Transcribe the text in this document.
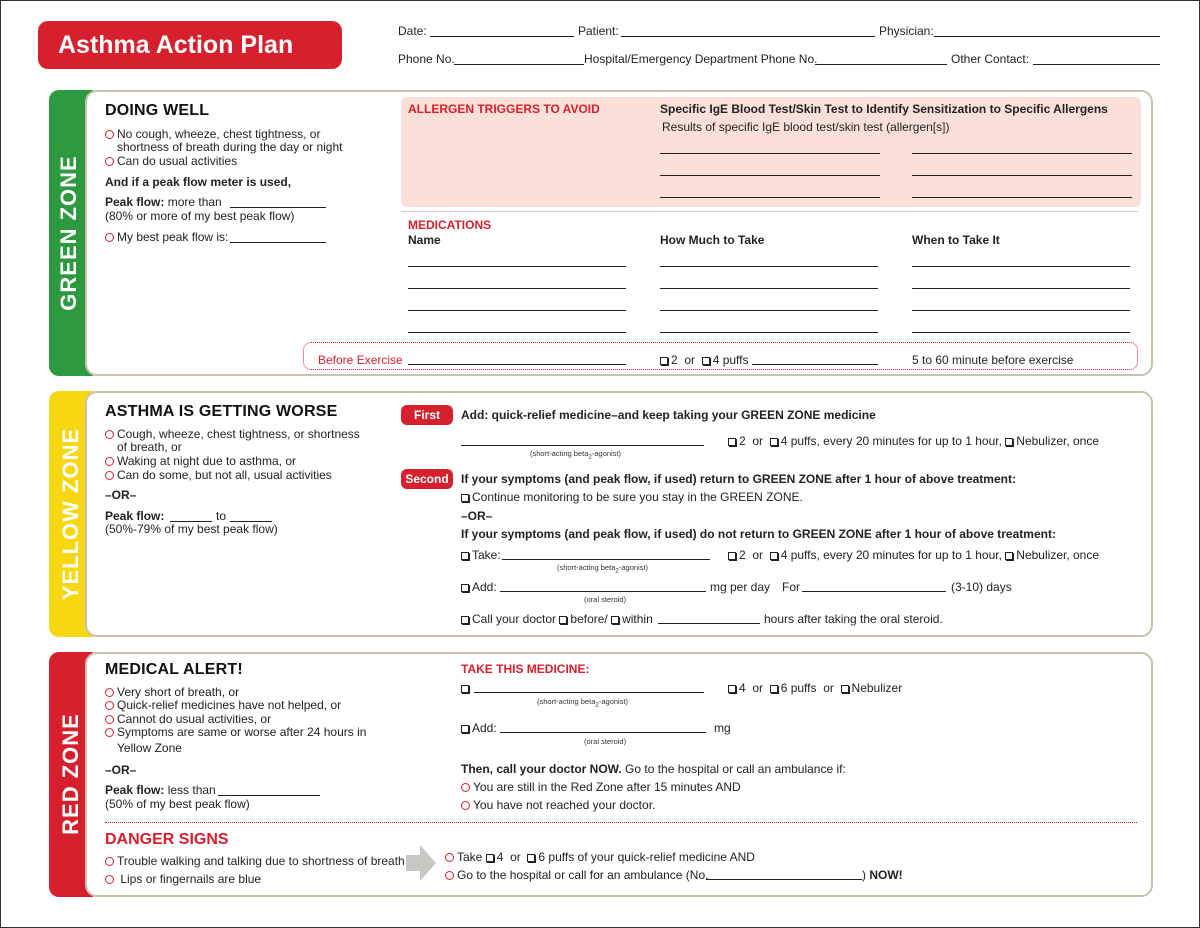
Asthma Action Plan	Date:	Patient:	Physician:
Phone No.	Hospital/Emergency Department Phone No.	Other Contact:
GREEN ZONE
DOING WELL
No cough, wheeze, chest tightness, or
shortness of breath during the day or night
Can do usual activities
And if a peak flow meter is used,
Peak flow: more than
(80% or more of my best peak flow)
My best peak flow is:
ALLERGEN TRIGGERS TO AVOID	Specific IgE Blood Test/Skin Test to Identify Sensitization to Specific Allergens
Results of specific IgE blood test/skin test (allergen[s])
MEDICATIONS
Name	How Much to Take	When to Take It
Before Exercise	2 or 4 puffs	5 to 60 minute before exercise
YELLOW ZONE
ASTHMA IS GETTING WORSE
Cough, wheeze, chest tightness, or shortness
of breath, or
Waking at night due to asthma, or
Can do some, but not all, usual activities
–OR–
Peak flow:	to
(50%-79% of my best peak flow)
First	Add: quick-relief medicine–and keep taking your GREEN ZONE medicine
(short-acting beta$_2$-agonist)
2 or 4 puffs, every 20 minutes for up to 1 hour, Nebulizer, once
Second	If your symptoms (and peak flow, if used) return to GREEN ZONE after 1 hour of above treatment:
Continue monitoring to be sure you stay in the GREEN ZONE.
–OR–
If your symptoms (and peak flow, if used) do not return to GREEN ZONE after 1 hour of above treatment:
Take:
(short-acting beta$_2$-agonist)
2 or 4 puffs, every 20 minutes for up to 1 hour, Nebulizer, once
Add:
(oral steroid)
mg per day For	(3-10) days
Call your doctor before/ within	hours after taking the oral steroid.
RED ZONE
MEDICAL ALERT!
Very short of breath, or
Quick-relief medicines have not helped, or
Cannot do usual activities, or
Symptoms are same or worse after 24 hours in
Yellow Zone
–OR–
Peak flow: less than
(50% of my best peak flow)
TAKE THIS MEDICINE:
(short-acting beta$_2$-agonist)
4 or 6 puffs or Nebulizer
Add:
(oral steroid)
mg
Then, call your doctor NOW. Go to the hospital or call an ambulance if:
You are still in the Red Zone after 15 minutes AND
You have not reached your doctor.
DANGER SIGNS
Trouble walking and talking due to shortness of breath
Lips or fingernails are blue
Take 4 or 6 puffs of your quick-relief medicine AND
Go to the hospital or call for an ambulance (No.	) NOW!
